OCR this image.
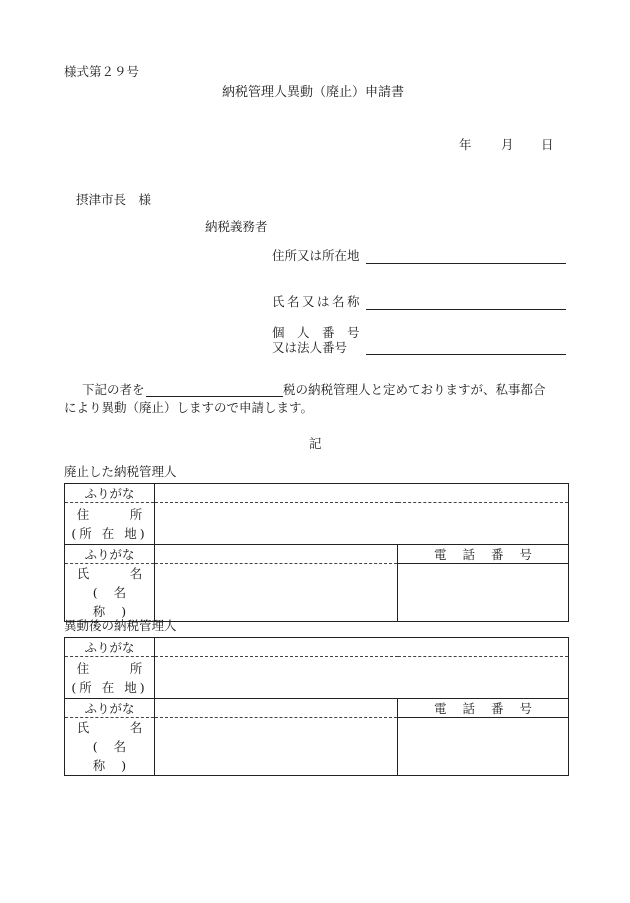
様式第２９号
納税管理人異動（廃止）申請書
年 月 日
摂津市長　様
納税義務者
住所又は所在地
氏名又は名称
個　人　番　号
又は法人番号
下記の者を	税の納税管理人と定めておりますが、私事都合
により異動（廃止）しますので申請します。
記
廃止した納税管理人
ふりがな		

住　所
(所 在 地)		

ふりがな		電話番号

氏　名
(名　称)		

異動後の納税管理人
ふりがな		

住　所
(所 在 地)		

ふりがな		電話番号

氏　名
(名　称)		
